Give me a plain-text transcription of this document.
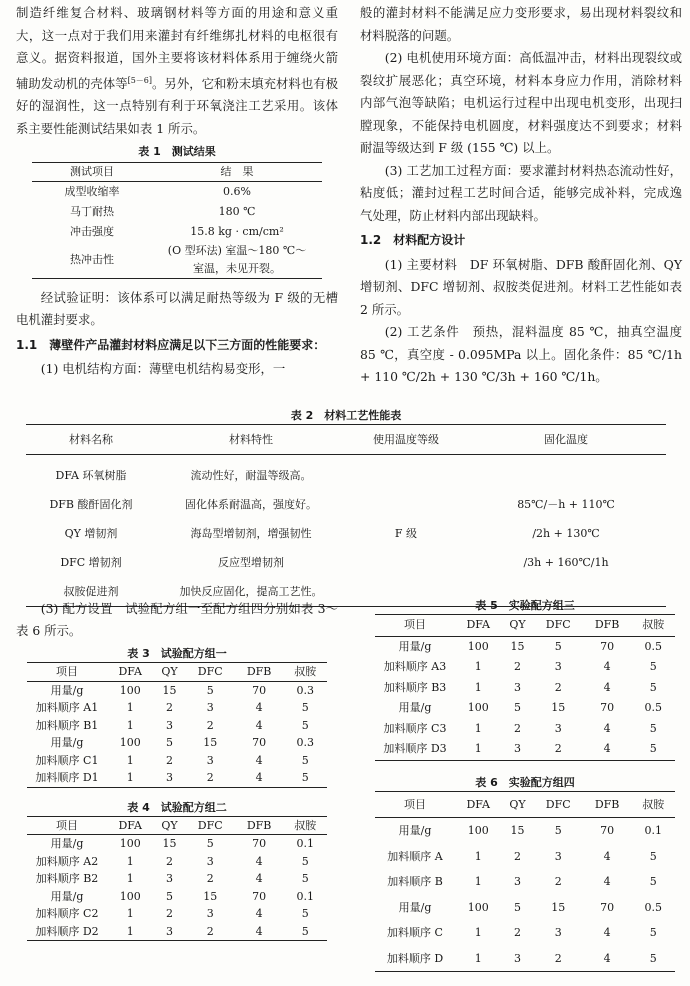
制造纤维复合材料、玻璃钢材料等方面的用途和意义重大，这一点对于我们用来灌封有纤维绑扎材料的电枢很有意义。据资料报道，国外主要将该材料体系用于缠绕火箭辅助发动机的壳体等[5－6]。另外，它和粉末填充材料也有极好的湿润性，这一点特别有利于环氧浇注工艺采用。该体系主要性能测试结果如表 1 所示。

表 1　测试结果
测试项目	结　果
成型收缩率	0.6%
马丁耐热	180 ℃
冲击强度	15.8 kg · cm/cm²
热冲击性	(O 型环法) 室温～180 ℃～
室温，未见开裂。

经试验证明：该体系可以满足耐热等级为 F 级的无槽电机灌封要求。

1.1　薄壁件产品灌封材料应满足以下三方面的性能要求：

(1) 电机结构方面：薄壁电机结构易变形，一

般的灌封材料不能满足应力变形要求，易出现材料裂纹和材料脱落的问题。

(2) 电机使用环境方面：高低温冲击，材料出现裂纹或裂纹扩展恶化；真空环境，材料本身应力作用，消除材料内部气泡等缺陷；电机运行过程中出现电机变形，出现扫膛现象，不能保持电机圆度，材料强度达不到要求；材料耐温等级达到 F 级 (155 ℃) 以上。

(3) 工艺加工过程方面：要求灌封材料热态流动性好，粘度低；灌封过程工艺时间合适，能够完成补料，完成逸气处理，防止材料内部出现缺料。

1.2　材料配方设计

(1) 主要材料　DF 环氧树脂、DFB 酸酐固化剂、QY 增韧剂、DFC 增韧剂、叔胺类促进剂。材料工艺性能如表 2 所示。

(2) 工艺条件　预热，混料温度 85 ℃，抽真空温度 85 ℃，真空度 - 0.095MPa 以上。固化条件：85 ℃/1h + 110 ℃/2h + 130 ℃/3h + 160 ℃/1h。

表 2　材料工艺性能表
材料名称	材料特性	使用温度等级	固化温度
DFA 环氧树脂	流动性好，耐温等级高。		
DFB 酸酐固化剂	固化体系耐温高，强度好。		85℃/－h + 110℃
QY 增韧剂	海岛型增韧剂，增强韧性	F 级	/2h + 130℃
DFC 增韧剂	反应型增韧剂		/3h + 160℃/1h
叔胺促进剂	加快反应固化，提高工艺性。		

(3) 配方设置　试验配方组一至配方组四分别如表 3～表 6 所示。

表 3　试验配方组一
项目	DFA	QY	DFC	DFB	叔胺
用量/g	100	15	5	70	0.3
加料顺序 A1	1	2	3	4	5
加料顺序 B1	1	3	2	4	5
用量/g	100	5	15	70	0.3
加料顺序 C1	1	2	3	4	5
加料顺序 D1	1	3	2	4	5
表 4　试验配方组二
项目	DFA	QY	DFC	DFB	叔胺
用量/g	100	15	5	70	0.1
加料顺序 A2	1	2	3	4	5
加料顺序 B2	1	3	2	4	5
用量/g	100	5	15	70	0.1
加料顺序 C2	1	2	3	4	5
加料顺序 D2	1	3	2	4	5
表 5　实验配方组三
项目	DFA	QY	DFC	DFB	叔胺
用量/g	100	15	5	70	0.5
加料顺序 A3	1	2	3	4	5
加料顺序 B3	1	3	2	4	5
用量/g	100	5	15	70	0.5
加料顺序 C3	1	2	3	4	5
加料顺序 D3	1	3	2	4	5
表 6　实验配方组四
项目	DFA	QY	DFC	DFB	叔胺
用量/g	100	15	5	70	0.1
加料顺序 A	1	2	3	4	5
加料顺序 B	1	3	2	4	5
用量/g	100	5	15	70	0.5
加料顺序 C	1	2	3	4	5
加料顺序 D	1	3	2	4	5
